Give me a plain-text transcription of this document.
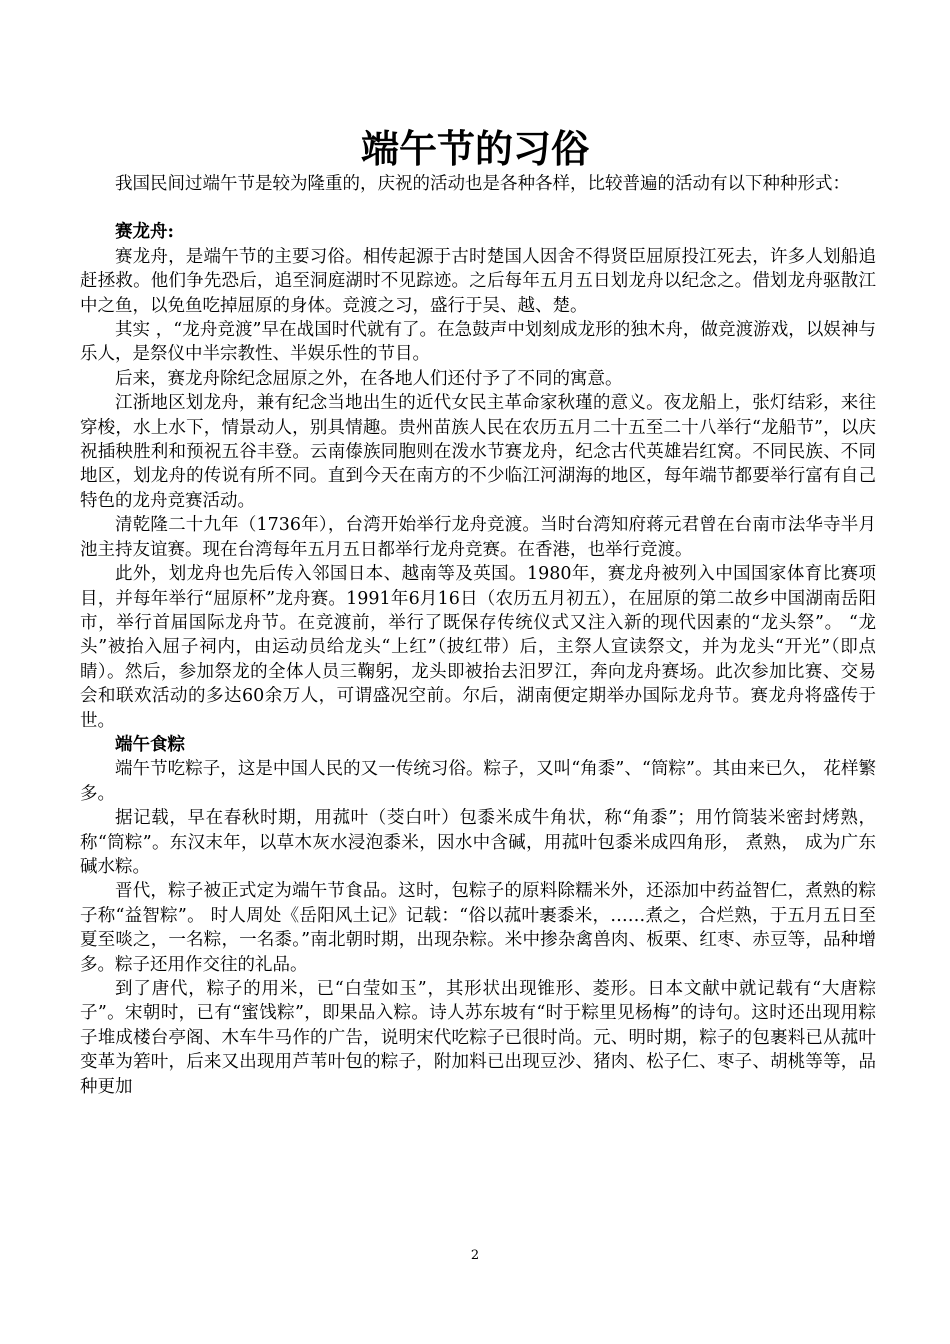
端午节的习俗

我国民间过端午节是较为隆重的，庆祝的活动也是各种各样，比较普遍的活动有以下种种形式：

赛龙舟:

赛龙舟，是端午节的主要习俗。相传起源于古时楚国人因舍不得贤臣屈原投江死去，许多人划船追赶拯救。他们争先恐后，追至洞庭湖时不见踪迹。之后每年五月五日划龙舟以纪念之。借划龙舟驱散江中之鱼，以免鱼吃掉屈原的身体。竞渡之习，盛行于吴、越、楚。

其实 ，“龙舟竞渡”早在战国时代就有了。在急鼓声中划刻成龙形的独木舟，做竞渡游戏，以娱神与乐人，是祭仪中半宗教性、半娱乐性的节目。

后来，赛龙舟除纪念屈原之外，在各地人们还付予了不同的寓意。

江浙地区划龙舟，兼有纪念当地出生的近代女民主革命家秋瑾的意义。夜龙船上，张灯结彩，来往穿梭，水上水下，情景动人，别具情趣。贵州苗族人民在农历五月二十五至二十八举行“龙船节”，以庆祝插秧胜利和预祝五谷丰登。云南傣族同胞则在泼水节赛龙舟，纪念古代英雄岩红窝。不同民族、不同地区，划龙舟的传说有所不同。直到今天在南方的不少临江河湖海的地区，每年端节都要举行富有自己特色的龙舟竞赛活动。

清乾隆二十九年（1736年），台湾开始举行龙舟竞渡。当时台湾知府蒋元君曾在台南市法华寺半月池主持友谊赛。现在台湾每年五月五日都举行龙舟竞赛。在香港，也举行竞渡。

此外，划龙舟也先后传入邻国日本、越南等及英国。1980年，赛龙舟被列入中国国家体育比赛项目，并每年举行“屈原杯”龙舟赛。1991年6月16日（农历五月初五），在屈原的第二故乡中国湖南岳阳市，举行首届国际龙舟节。在竞渡前，举行了既保存传统仪式又注入新的现代因素的“龙头祭”。 “龙头”被抬入屈子祠内，由运动员给龙头“上红”（披红带）后，主祭人宣读祭文，并为龙头“开光”（即点睛）。然后，参加祭龙的全体人员三鞠躬，龙头即被抬去汨罗江，奔向龙舟赛场。此次参加比赛、交易会和联欢活动的多达60余万人，可谓盛况空前。尔后，湖南便定期举办国际龙舟节。赛龙舟将盛传于世。

端午食粽

端午节吃粽子，这是中国人民的又一传统习俗。粽子，又叫“角黍”、“筒粽”。其由来已久， 花样繁多。

据记载，早在春秋时期，用菰叶（茭白叶）包黍米成牛角状，称“角黍”；用竹筒装米密封烤熟，称“筒粽”。东汉末年，以草木灰水浸泡黍米，因水中含碱，用菰叶包黍米成四角形， 煮熟， 成为广东碱水粽。

晋代，粽子被正式定为端午节食品。这时，包粽子的原料除糯米外，还添加中药益智仁，煮熟的粽子称“益智粽”。 时人周处《岳阳风土记》记载：“俗以菰叶裹黍米，……煮之，合烂熟，于五月五日至夏至啖之，一名粽，一名黍。”南北朝时期，出现杂粽。米中掺杂禽兽肉、板栗、红枣、赤豆等，品种增多。粽子还用作交往的礼品。

到了唐代，粽子的用米，已“白莹如玉”，其形状出现锥形、菱形。日本文献中就记载有“大唐粽子”。宋朝时，已有“蜜饯粽”，即果品入粽。诗人苏东坡有“时于粽里见杨梅”的诗句。这时还出现用粽子堆成楼台亭阁、木车牛马作的广告，说明宋代吃粽子已很时尚。元、明时期，粽子的包裹料已从菰叶变革为箬叶，后来又出现用芦苇叶包的粽子，附加料已出现豆沙、猪肉、松子仁、枣子、胡桃等等，品种更加

2
